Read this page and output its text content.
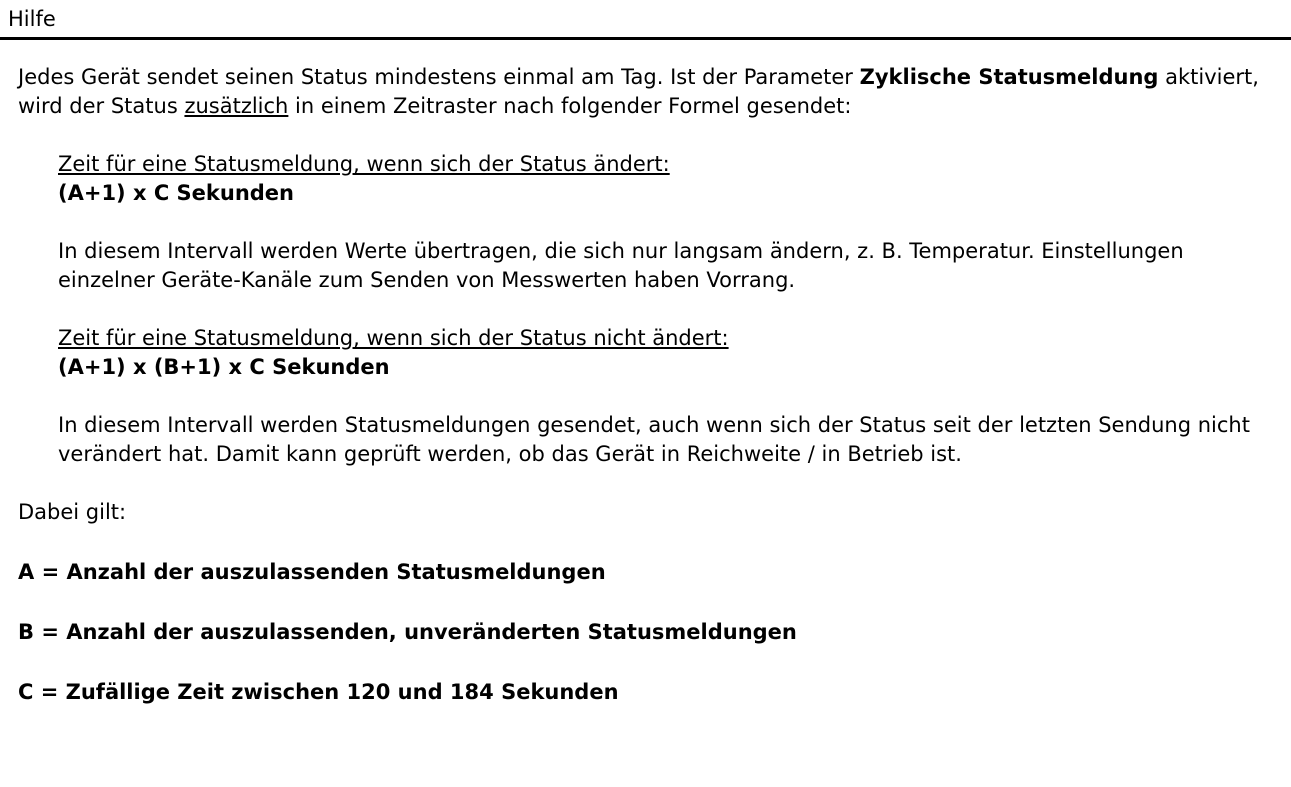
Hilfe

Jedes Gerät sendet seinen Status mindestens einmal am Tag. Ist der Parameter Zyklische Statusmeldung aktiviert, wird der Status zusätzlich in einem Zeitraster nach folgender Formel gesendet:

Zeit für eine Statusmeldung, wenn sich der Status ändert:

(A+1) x C Sekunden

In diesem Intervall werden Werte übertragen, die sich nur langsam ändern, z. B. Temperatur. Einstellungen einzelner Geräte-Kanäle zum Senden von Messwerten haben Vorrang.

Zeit für eine Statusmeldung, wenn sich der Status nicht ändert:

(A+1) x (B+1) x C Sekunden

In diesem Intervall werden Statusmeldungen gesendet, auch wenn sich der Status seit der letzten Sendung nicht verändert hat. Damit kann geprüft werden, ob das Gerät in Reichweite / in Betrieb ist.

Dabei gilt:

A = Anzahl der auszulassenden Statusmeldungen

B = Anzahl der auszulassenden, unveränderten Statusmeldungen

C = Zufällige Zeit zwischen 120 und 184 Sekunden
